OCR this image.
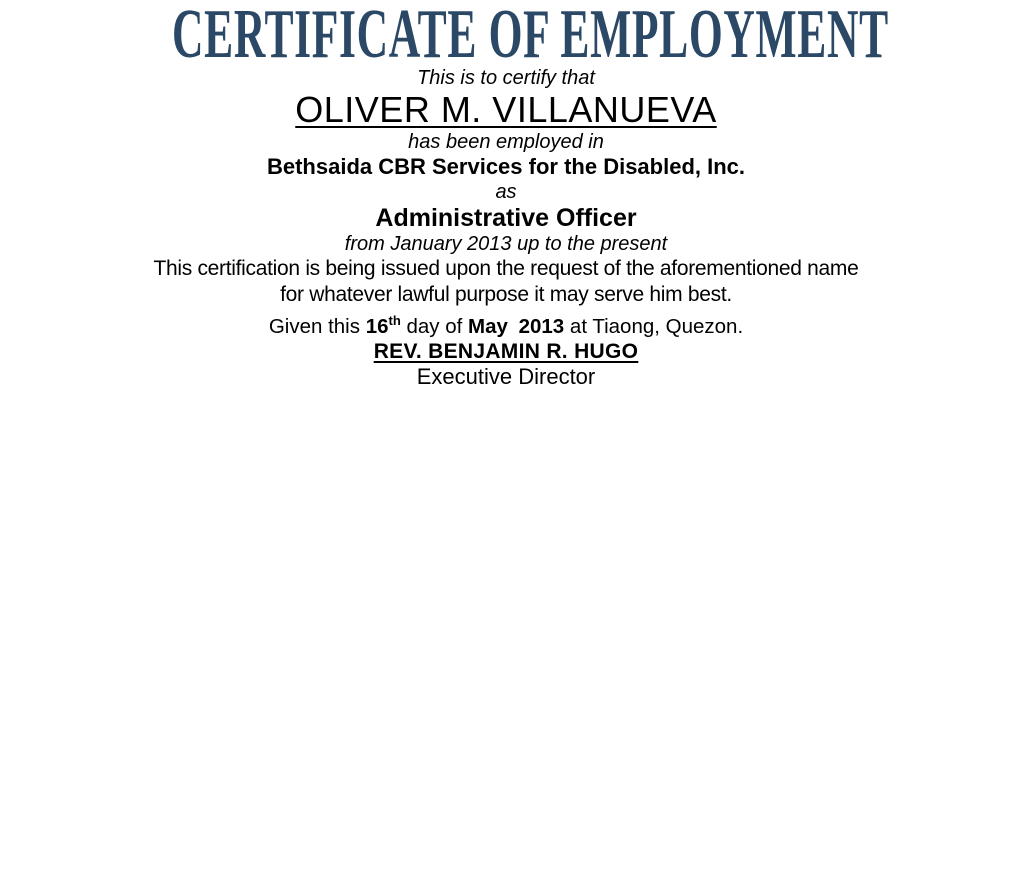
CERTIFICATE OF EMPLOYMENT

This is to certify that

OLIVER M. VILLANUEVA

has been employed in

Bethsaida CBR Services for the Disabled, Inc.

as

Administrative Officer

from January 2013 up to the present

This certification is being issued upon the request of the aforementioned name
for whatever lawful purpose it may serve him best.

Given this 16th day of May 2013 at Tiaong, Quezon.

REV. BENJAMIN R. HUGO

Executive Director
